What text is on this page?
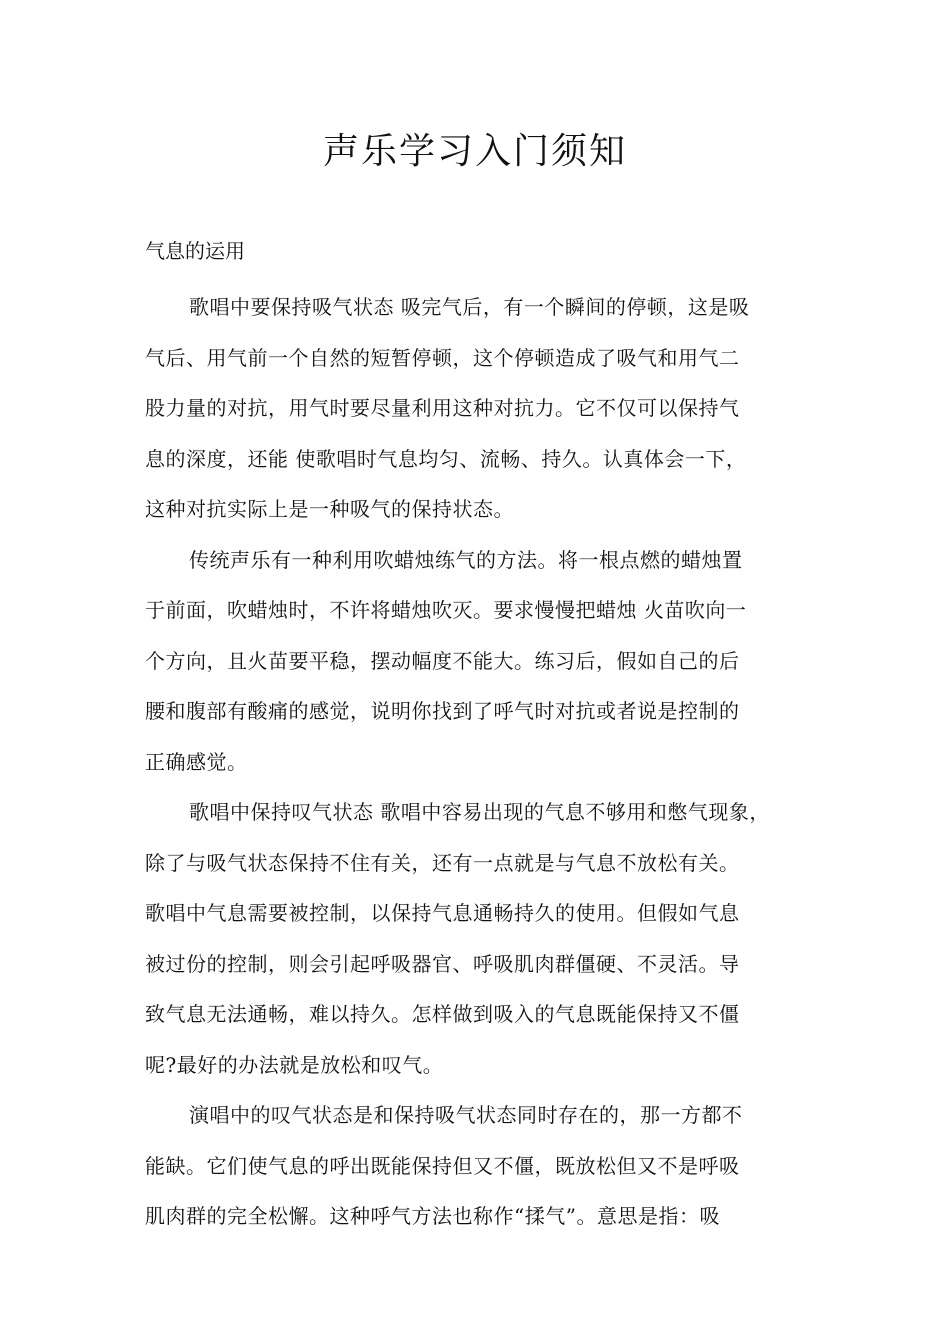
声乐学习入门须知

气息的运用

歌唱中要保持吸气状态 吸完气后，有一个瞬间的停顿，这是吸
气后、用气前一个自然的短暂停顿，这个停顿造成了吸气和用气二
股力量的对抗，用气时要尽量利用这种对抗力。它不仅可以保持气
息的深度，还能 使歌唱时气息均匀、流畅、持久。认真体会一下，
这种对抗实际上是一种吸气的保持状态。
传统声乐有一种利用吹蜡烛练气的方法。将一根点燃的蜡烛置
于前面，吹蜡烛时，不许将蜡烛吹灭。要求慢慢把蜡烛 火苗吹向一
个方向，且火苗要平稳，摆动幅度不能大。练习后，假如自己的后
腰和腹部有酸痛的感觉，说明你找到了呼气时对抗或者说是控制的
正确感觉。
歌唱中保持叹气状态 歌唱中容易出现的气息不够用和憋气现象，
除了与吸气状态保持不住有关，还有一点就是与气息不放松有关。
歌唱中气息需要被控制，以保持气息通畅持久的使用。但假如气息
被过份的控制，则会引起呼吸器官、呼吸肌肉群僵硬、不灵活。导
致气息无法通畅，难以持久。怎样做到吸入的气息既能保持又不僵
呢?最好的办法就是放松和叹气。
演唱中的叹气状态是和保持吸气状态同时存在的，那一方都不
能缺。它们使气息的呼出既能保持但又不僵，既放松但又不是呼吸
肌肉群的完全松懈。这种呼气方法也称作“揉气”。意思是指：吸
